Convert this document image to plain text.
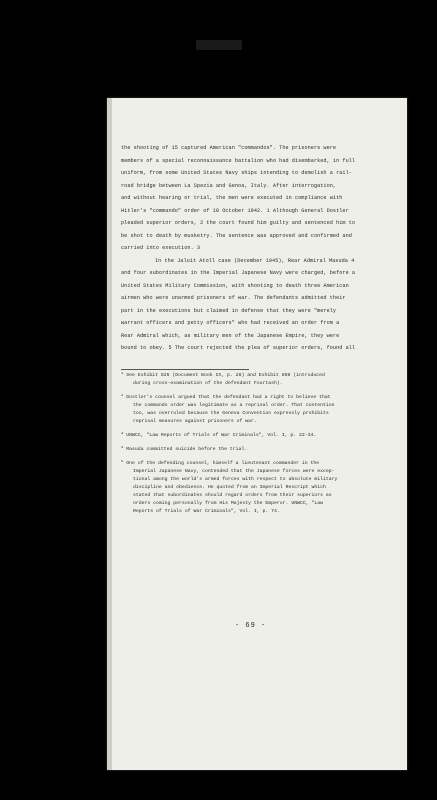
the shooting of 15 captured American "commandos". The prisoners were
members of a special reconnaissance battalion who had disembarked, in full
uniform, from some United States Navy ships intending to demolish a rail-
road bridge between La Spezia and Genoa, Italy. After interrogation,
and without hearing or trial, the men were executed in compliance with
Hitler's "commando" order of 18 October 1942. 1 Although General Dostler
pleaded superior orders, 2 the court found him guilty and sentenced him to
be shot to death by musketry. The sentence was approved and confirmed and
carried into execution. 3
In the Jaluit Atoll case (December 1945), Rear Admiral Masuda 4
and four subordinates in the Imperial Japanese Navy were charged, before a
United States Military Commission, with shooting to death three American
airmen who were unarmed prisoners of war. The defendants admitted their
part in the executions but claimed in defense that they were "merely
warrant officers and petty officers" who had received an order from a
Rear Admiral which, as military men of the Japanese Empire, they were
bound to obey. 5 The court rejected the plea of superior orders, found all
$^1$ See Exhibit 825 (Document Book IX, p. 28) and Exhibit 898 (introduced
during cross-examination of the defendant Fourtash).
$^2$ Dostler's counsel argued that the defendant had a right to believe that
the commando order was legitimate as a reprisal order. That contention
too, was overruled because the Geneva Convention expressly prohibits
reprisal measures against prisoners of war.
$^3$ UNWCC, "Law Reports of Trials of War Criminals", Vol. I, p. 22-34.
$^4$ Masuda committed suicide before the trial.
$^5$ One of the defending counsel, himself a lieutenant commander in the
Imperial Japanese Navy, contended that the Japanese forces were excep-
tional among the world's armed forces with respect to absolute military
discipline and obedience. He quoted from an Imperial Rescript which
stated that subordinates should regard orders from their superiors as
orders coming personally from His Majesty the Emperor. UNWCC, "Law
Reports of Trials of War Criminals", Vol. I, p. 74.
- 69 -
